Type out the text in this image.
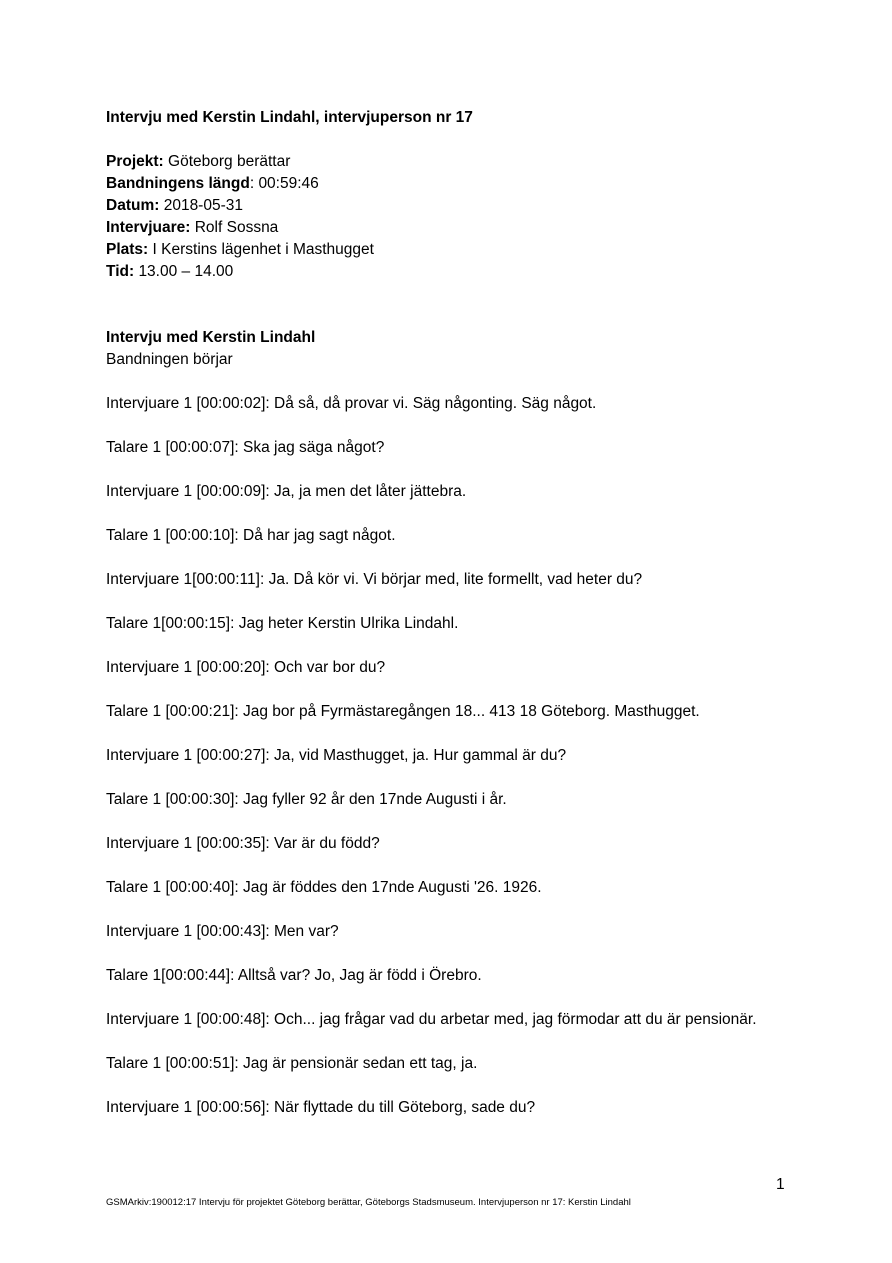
Intervju med Kerstin Lindahl, intervjuperson nr 17

Projekt: Göteborg berättar

Bandningens längd: 00:59:46

Datum: 2018-05-31

Intervjuare: Rolf Sossna

Plats: I Kerstins lägenhet i Masthugget

Tid: 13.00 – 14.00

Intervju med Kerstin Lindahl

Bandningen börjar

Intervjuare 1 [00:00:02]: Då så, då provar vi. Säg någonting. Säg något.

Talare 1 [00:00:07]: Ska jag säga något?

Intervjuare 1 [00:00:09]: Ja, ja men det låter jättebra.

Talare 1 [00:00:10]: Då har jag sagt något.

Intervjuare 1[00:00:11]: Ja. Då kör vi. Vi börjar med, lite formellt, vad heter du?

Talare 1[00:00:15]: Jag heter Kerstin Ulrika Lindahl.

Intervjuare 1 [00:00:20]: Och var bor du?

Talare 1 [00:00:21]: Jag bor på Fyrmästaregången 18... 413 18 Göteborg. Masthugget.

Intervjuare 1 [00:00:27]: Ja, vid Masthugget, ja. Hur gammal är du?

Talare 1 [00:00:30]: Jag fyller 92 år den 17nde Augusti i år.

Intervjuare 1 [00:00:35]: Var är du född?

Talare 1 [00:00:40]: Jag är föddes den 17nde Augusti '26. 1926.

Intervjuare 1 [00:00:43]: Men var?

Talare 1[00:00:44]: Alltså var? Jo, Jag är född i Örebro.

Intervjuare 1 [00:00:48]: Och... jag frågar vad du arbetar med, jag förmodar att du är pensionär.

Talare 1 [00:00:51]: Jag är pensionär sedan ett tag, ja.

Intervjuare 1 [00:00:56]: När flyttade du till Göteborg, sade du?

1
GSMArkiv:190012:17 Intervju för projektet Göteborg berättar, Göteborgs Stadsmuseum. Intervjuperson nr 17: Kerstin Lindahl
